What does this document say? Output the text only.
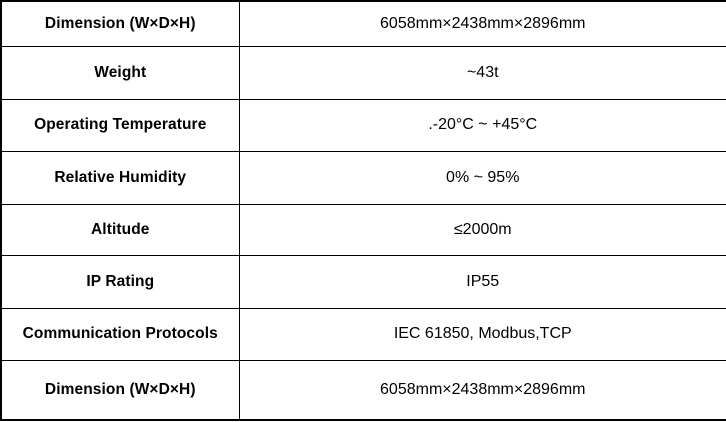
Dimension (W×D×H)	6058mm×2438mm×2896mm
Weight	~43t
Operating Temperature	.-20°C ~ +45°C
Relative Humidity	0% ~ 95%
Altitude	≤2000m
IP Rating	IP55
Communication Protocols	IEC 61850, Modbus,TCP
Dimension (W×D×H)	6058mm×2438mm×2896mm
